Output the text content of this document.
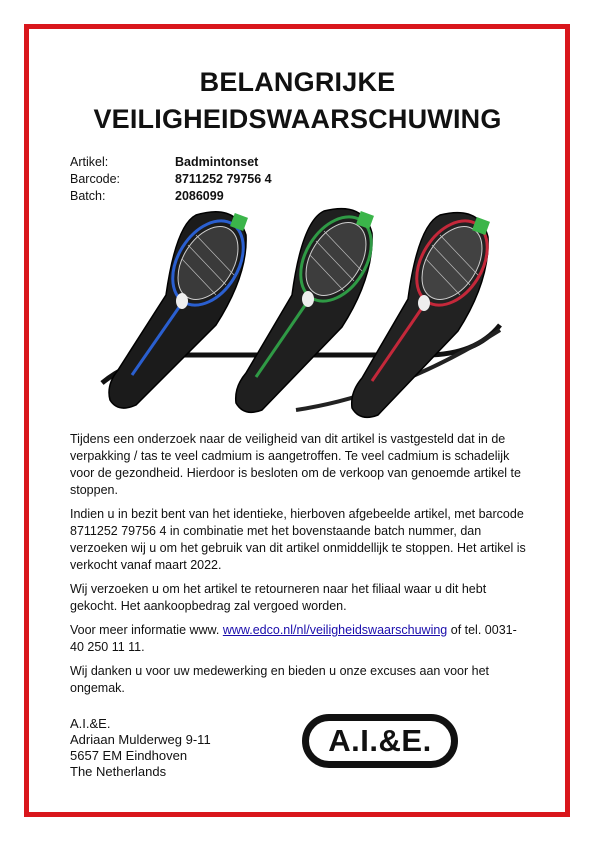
BELANGRIJKE
VEILIGHEIDSWAARSCHUWING
Artikel:	Badmintonset
Barcode:	8711252 79756 4
Batch:	2086099

Tijdens een onderzoek naar de veiligheid van dit artikel is vastgesteld dat in de verpakking / tas te veel cadmium is aangetroffen. Te veel cadmium is schadelijk voor de gezondheid. Hierdoor is besloten om de verkoop van genoemde artikel te stoppen.

Indien u in bezit bent van het identieke, hierboven afgebeelde artikel, met barcode 8711252 79756 4 in combinatie met het bovenstaande batch nummer, dan verzoeken wij u om het gebruik van dit artikel onmiddellijk te stoppen. Het artikel is verkocht vanaf maart 2022.

Wij verzoeken u om het artikel te retourneren naar het filiaal waar u dit hebt gekocht. Het aankoopbedrag zal vergoed worden.

Voor meer informatie www. www.edco.nl/nl/veiligheidswaarschuwing of tel. 0031-40 250 11 11.

Wij danken u voor uw medewerking en bieden u onze excuses aan voor het ongemak.

A.I.&E.
Adriaan Mulderweg 9-11
5657 EM Eindhoven
The Netherlands
A.I.&E.
